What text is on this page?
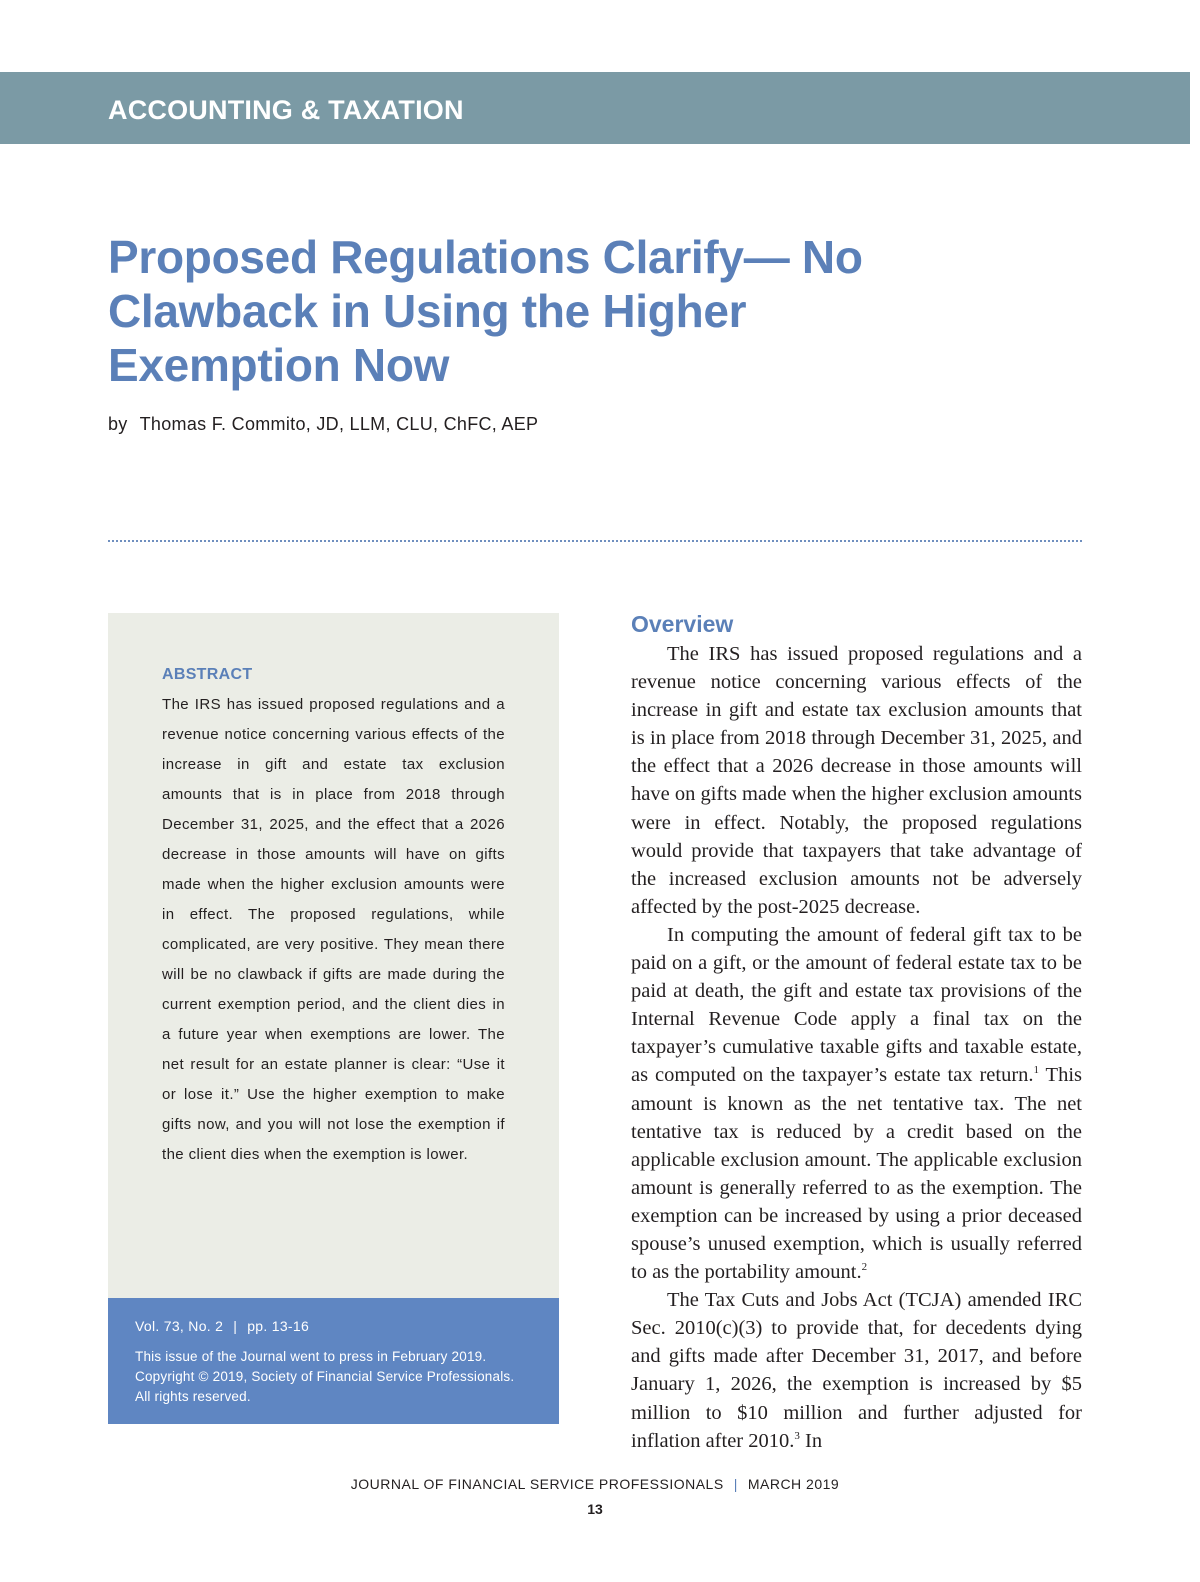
ACCOUNTING & TAXATION
Proposed Regulations Clarify— No Clawback in Using the Higher Exemption Now
by Thomas F. Commito, JD, LLM, CLU, ChFC, AEP
ABSTRACT
The IRS has issued proposed regulations and a revenue notice concerning various effects of the increase in gift and estate tax exclusion amounts that is in place from 2018 through December 31, 2025, and the effect that a 2026 decrease in those amounts will have on gifts made when the higher exclusion amounts were in effect. The proposed regulations, while complicated, are very positive. They mean there will be no clawback if gifts are made during the current exemption period, and the client dies in a future year when exemptions are lower. The net result for an estate planner is clear: “Use it or lose it.” Use the higher exemption to make gifts now, and you will not lose the exemption if the client dies when the exemption is lower.
Vol. 73, No. 2 | pp. 13-16
This issue of the Journal went to press in February 2019.
Copyright © 2019, Society of Financial Service Professionals.
All rights reserved.
Overview

The IRS has issued proposed regulations and a revenue notice concerning various effects of the increase in gift and estate tax exclusion amounts that is in place from 2018 through December 31, 2025, and the effect that a 2026 decrease in those amounts will have on gifts made when the higher exclusion amounts were in effect. Notably, the proposed regulations would provide that taxpayers that take advantage of the increased exclusion amounts not be adversely affected by the post-2025 decrease.

In computing the amount of federal gift tax to be paid on a gift, or the amount of federal estate tax to be paid at death, the gift and estate tax provisions of the Internal Revenue Code apply a final tax on the taxpayer’s cumulative taxable gifts and taxable estate, as computed on the taxpayer’s estate tax return.$^1$ This amount is known as the net tentative tax. The net tentative tax is reduced by a credit based on the applicable exclusion amount. The applicable exclusion amount is generally referred to as the exemption. The exemption can be increased by using a prior deceased spouse’s unused exemption, which is usually referred to as the portability amount.$^2$

The Tax Cuts and Jobs Act (TCJA) amended IRC Sec. 2010(c)(3) to provide that, for decedents dying and gifts made after December 31, 2017, and before January 1, 2026, the exemption is increased by $5 million to $10 million and further adjusted for inflation after 2010.$^3$ In

JOURNAL OF FINANCIAL SERVICE PROFESSIONALS | MARCH 2019
13
